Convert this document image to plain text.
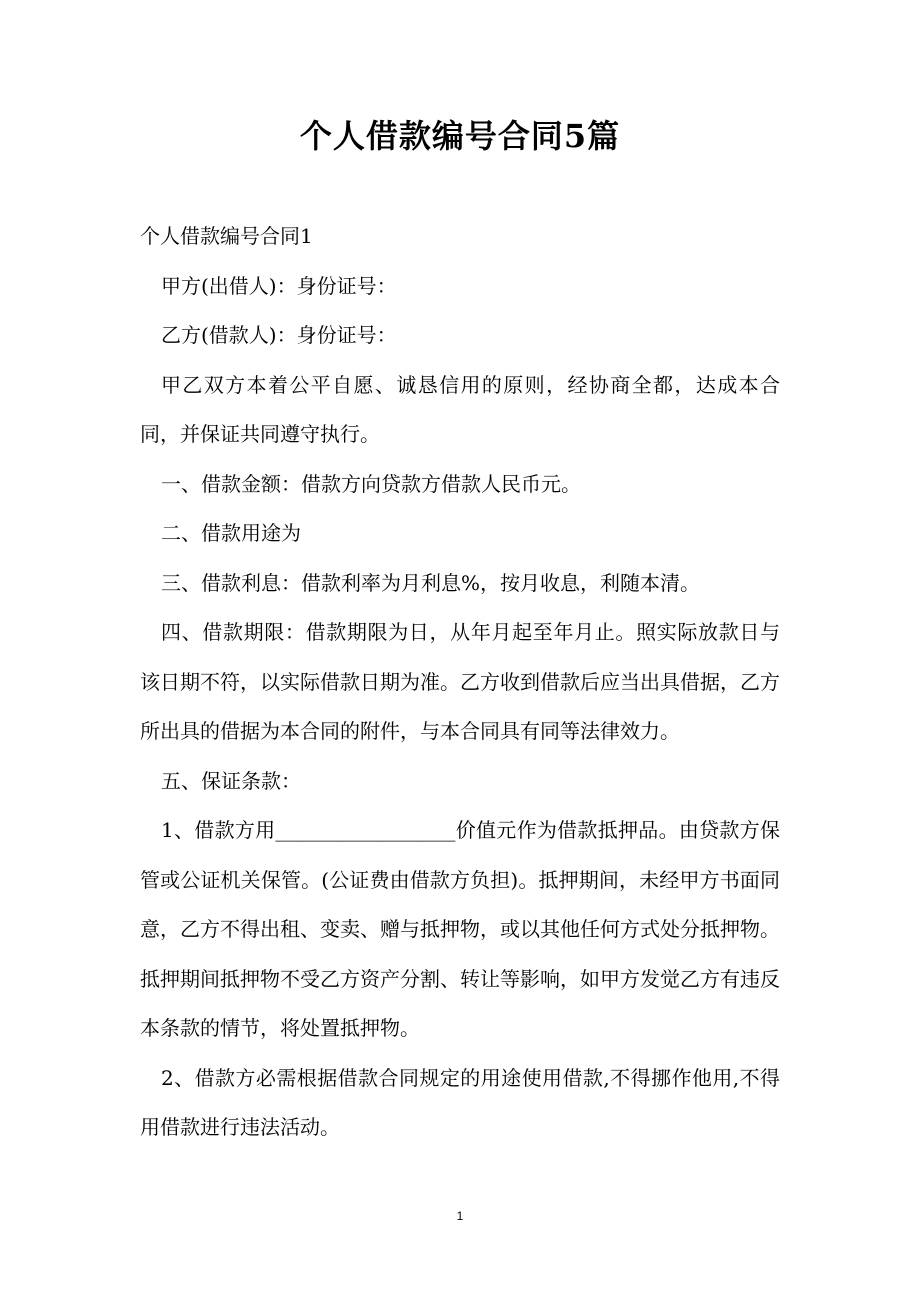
个人借款编号合同5篇

个人借款编号合同1

甲方(出借人)：身份证号：

乙方(借款人)：身份证号：

甲乙双方本着公平自愿、诚恳信用的原则，经协商全都，达成本合同，并保证共同遵守执行。

一、借款金额：借款方向贷款方借款人民币元。

二、借款用途为

三、借款利息：借款利率为月利息%，按月收息，利随本清。

四、借款期限：借款期限为日，从年月起至年月止。照实际放款日与该日期不符，以实际借款日期为准。乙方收到借款后应当出具借据，乙方所出具的借据为本合同的附件，与本合同具有同等法律效力。

五、保证条款：

1、借款方用__________________价值元作为借款抵押品。由贷款方保管或公证机关保管。(公证费由借款方负担)。抵押期间，未经甲方书面同意，乙方不得出租、变卖、赠与抵押物，或以其他任何方式处分抵押物。抵押期间抵押物不受乙方资产分割、转让等影响，如甲方发觉乙方有违反本条款的情节，将处置抵押物。

2、借款方必需根据借款合同规定的用途使用借款,不得挪作他用,不得用借款进行违法活动。

1
